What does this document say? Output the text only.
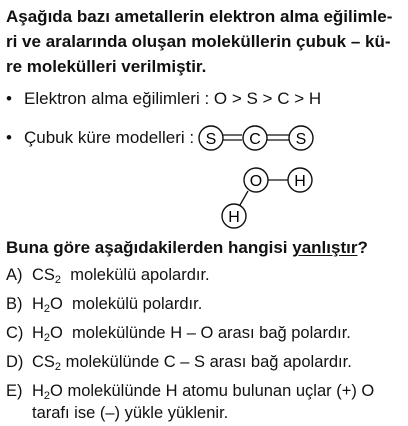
Aşağıda bazı ametallerin elektron alma eğilimle-
ri ve aralarında oluşan moleküllerin çubuk – kü-
re molekülleri verilmiştir.
• Elektron alma eğilimleri : O > S > C > H
• Çubuk küre modelleri : S C S
O H
H
Buna göre aşağıdakilerden hangisi yanlıştır?
A) $CS_2$  molekülü apolardır.
B) $H_2O$  molekülü polardır.
C) $H_2O$  molekülünde H – O arası bağ polardır.
D) $CS_2$ molekülünde C – S arası bağ apolardır.
E) $H_2O$ molekülünde H atomu bulunan uçlar (+) O
tarafı ise (–) yükle yüklenir.
